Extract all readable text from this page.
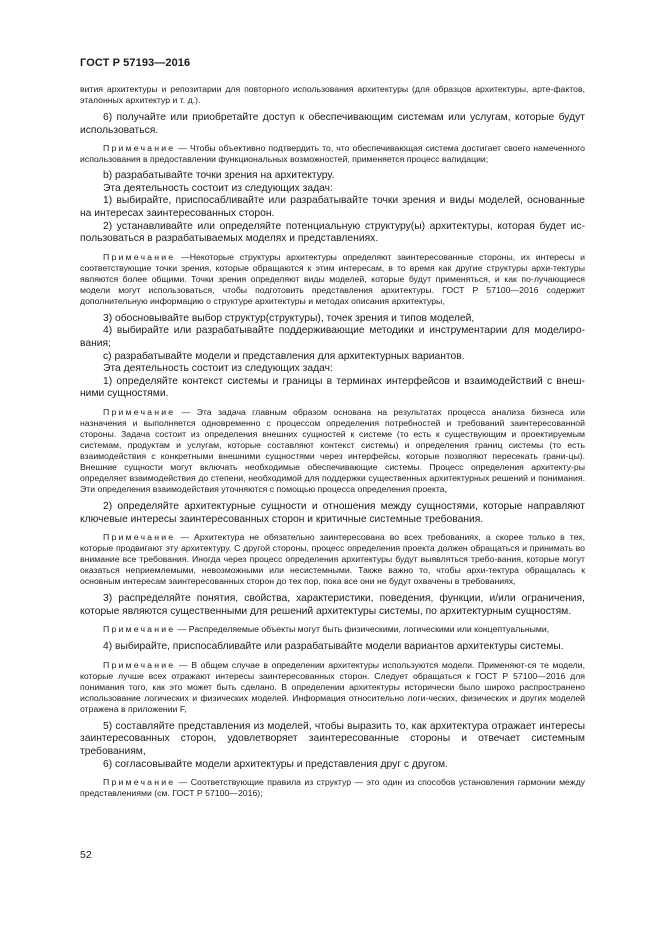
ГОСТ Р 57193—2016

вития архитектуры и репозитарии для повторного использования архитектуры (для образцов архитектуры, арте-фактов, эталонных архитектур и т. д.).

6) получайте или приобретайте доступ к обеспечивающим системам или услугам, которые будут использоваться.

Примечание — Чтобы объективно подтвердить то, что обеспечивающая система достигает своего намеченного использования в предоставлении функциональных возможностей, применяется процесс валидации;

b) разрабатывайте точки зрения на архитектуру.

Эта деятельность состоит из следующих задач:

1) выбирайте, приспосабливайте или разрабатывайте точки зрения и виды моделей, основанные на интересах заинтересованных сторон.

2) устанавливайте или определяйте потенциальную структуру(ы) архитектуры, которая будет ис-пользоваться в разрабатываемых моделях и представлениях.

Примечание —Некоторые структуры архитектуры определяют заинтересованные стороны, их интересы и соответствующие точки зрения, которые обращаются к этим интересам, в то время как другие структуры архи-тектуры являются более общими. Точки зрения определяют виды моделей, которые будут применяться, и как по-лучающиеся модели могут использоваться, чтобы подготовить представления архитектуры. ГОСТ Р 57100—2016 содержит дополнительную информацию о структуре архитектуры и методах описания архитектуры,

3) обосновывайте выбор структур(структуры), точек зрения и типов моделей,

4) выбирайте или разрабатывайте поддерживающие методики и инструментарии для моделиро-вания;

c) разрабатывайте модели и представления для архитектурных вариантов.

Эта деятельность состоит из следующих задач:

1) определяйте контекст системы и границы в терминах интерфейсов и взаимодействий с внеш-ними сущностями.

Примечание — Эта задача главным образом основана на результатах процесса анализа бизнеса или назначения и выполняется одновременно с процессом определения потребностей и требований заинтересованной стороны. Задача состоит из определения внешних сущностей к системе (то есть к существующим и проектируемым системам, продуктам и услугам, которые составляют контекст системы) и определения границ системы (то есть взаимодействия с конкретными внешними сущностями через интерфейсы, которые позволяют пересекать грани-цы). Внешние сущности могут включать необходимые обеспечивающие системы. Процесс определения архитекту-ры определяет взаимодействия до степени, необходимой для поддержки существенных архитектурных решений и понимания. Эти определения взаимодействия уточняются с помощью процесса определения проекта,

2) определяйте архитектурные сущности и отношения между сущностями, которые направляют ключевые интересы заинтересованных сторон и критичные системные требования.

Примечание — Архитектура не обязательно заинтересована во всех требованиях, а скорее только в тех, которые продвигают эту архитектуру. С другой стороны, процесс определения проекта должен обращаться и принимать во внимание все требования. Иногда через процесс определения архитектуры будут выявляться требо-вания, которые могут оказаться неприемлемыми, невозможными или несистемными. Также важно то, чтобы архи-тектура обращалась к основным интересам заинтересованных сторон до тех пор, пока все они не будут охвачены в требованиях,

3) распределяйте понятия, свойства, характеристики, поведения, функции, и/или ограничения, которые являются существенными для решений архитектуры системы, по архитектурным сущностям.

Примечание — Распределяемые объекты могут быть физическими, логическими или концептуальными,

4) выбирайте, приспосабливайте или разрабатывайте модели вариантов архитектуры системы.

Примечание — В общем случае в определении архитектуры используются модели. Применяют-ся те модели, которые лучше всех отражают интересы заинтересованных сторон. Следует обращаться к ГОСТ Р 57100—2016 для понимания того, как это может быть сделано. В определении архитектуры исторически было широко распространено использование логических и физических моделей. Информация относительно логи-ческих, физических и других моделей отражена в приложении F,

5) составляйте представления из моделей, чтобы выразить то, как архитектура отражает интересы заинтересованных сторон, удовлетворяет заинтересованные стороны и отвечает системным требованиям,

6) согласовывайте модели архитектуры и представления друг с другом.

Примечание — Соответствующие правила из структур — это один из способов установления гармонии между представлениями (см. ГОСТ Р 57100—2016);

52
